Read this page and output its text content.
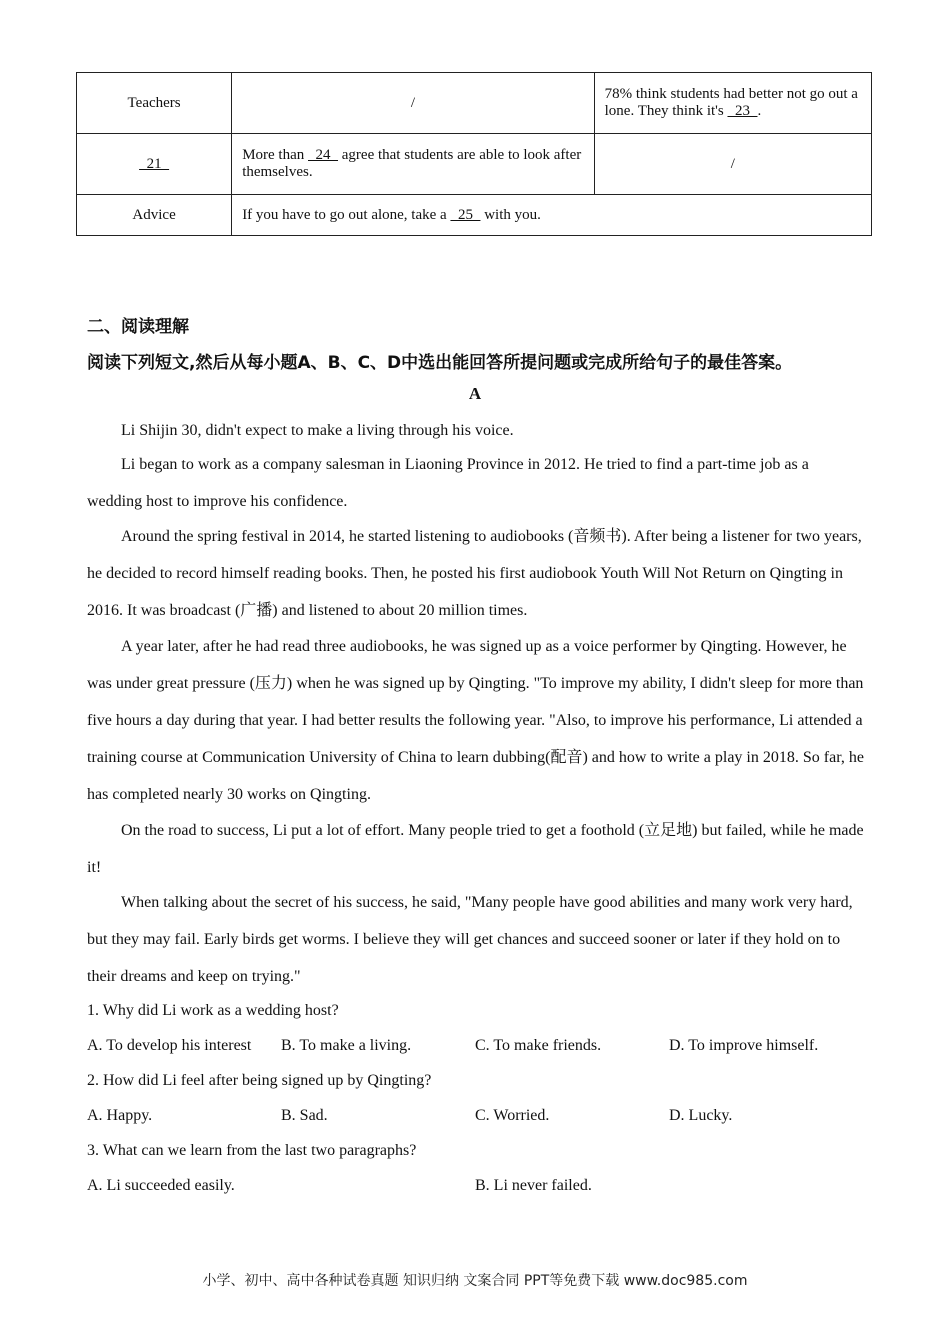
Teachers	/	78% think students had better not go out a lone. They think it's   23  .
21	More than   24   agree that students are able to look after themselves.	/
Advice	If you have to go out alone, take a   25   with you.	
二、阅读理解
阅读下列短文,然后从每小题A、B、C、D中选出能回答所提问题或完成所给句子的最佳答案。
A

Li Shijin 30, didn't expect to make a living through his voice.

Li began to work as a company salesman in Liaoning Province in 2012. He tried to find a part-time job as a wedding host to improve his confidence.

Around the spring festival in 2014, he started listening to audiobooks (音频书). After being a listener for two years, he decided to record himself reading books. Then, he posted his first audiobook Youth Will Not Return on Qingting in 2016. It was broadcast (广播) and listened to about 20 million times.

A year later, after he had read three audiobooks, he was signed up as a voice performer by Qingting. However, he was under great pressure (压力) when he was signed up by Qingting. "To improve my ability, I didn't sleep for more than five hours a day during that year. I had better results the following year. "Also, to improve his performance, Li attended a training course at Communication University of China to learn dubbing(配音) and how to write a play in 2018. So far, he has completed nearly 30 works on Qingting.

On the road to success, Li put a lot of effort. Many people tried to get a foothold (立足地) but failed, while he made it!

When talking about the secret of his success, he said, "Many people have good abilities and many work very hard, but they may fail. Early birds get worms. I believe they will get chances and succeed sooner or later if they hold on to their dreams and keep on trying."

1. Why did Li work as a wedding host?
A. To develop his interest B. To make a living.	C. To make friends.	D. To improve himself.
2. How did Li feel after being signed up by Qingting?
A. Happy.	B. Sad.	C. Worried.	D. Lucky.
3. What can we learn from the last two paragraphs?
A. Li succeeded easily.	B. Li never failed.
小学、初中、高中各种试卷真题 知识归纳 文案合同 PPT等免费下载 www.doc985.com
